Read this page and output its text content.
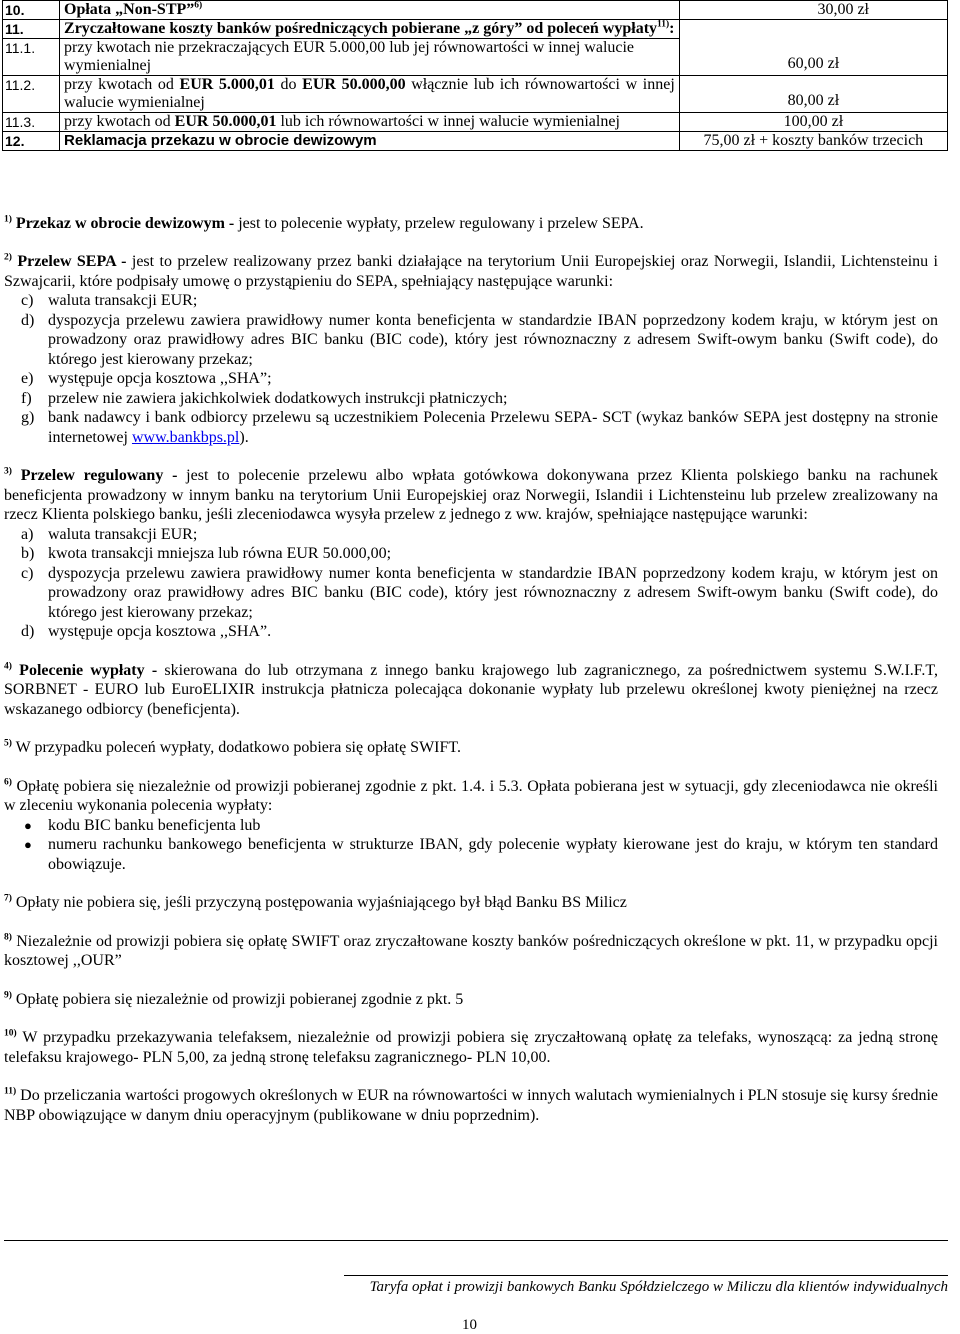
10.	Opłata „Non-STP”$^{6)}$	30,00 zł
11.	Zryczałtowane koszty banków pośredniczących pobierane „z góry” od poleceń wypłaty$^{11)}$:	
11.1.	przy kwotach nie przekraczających EUR 5.000,00 lub jej równowartości w innej walucie wymienialnej	60,00 zł
11.2.	przy kwotach od EUR 5.000,01 do EUR 50.000,00 włącznie lub ich równowartości w innej walucie wymienialnej	80,00 zł
11.3.	przy kwotach od EUR 50.000,01 lub ich równowartości w innej walucie wymienialnej	100,00 zł
12.	Reklamacja przekazu w obrocie dewizowym	75,00 zł + koszty banków trzecich

$^{1)}$ Przekaz w obrocie dewizowym - jest to polecenie wypłaty, przelew regulowany i przelew SEPA.

$^{2)}$ Przelew SEPA - jest to przelew realizowany przez banki działające na terytorium Unii Europejskiej oraz Norwegii, Islandii, Lichtensteinu i Szwajcarii, które podpisały umowę o przystąpieniu do SEPA, spełniający następujące warunki:
c) waluta transakcji EUR;
d) dyspozycja przelewu zawiera prawidłowy numer konta beneficjenta w standardzie IBAN poprzedzony kodem kraju, w którym jest on prowadzony oraz prawidłowy adres BIC banku (BIC code), który jest równoznaczny z adresem Swift-owym banku (Swift code), do którego jest kierowany przekaz;
e) występuje opcja kosztowa ,,SHA”;
f) przelew nie zawiera jakichkolwiek dodatkowych instrukcji płatniczych;
g) bank nadawcy i bank odbiorcy przelewu są uczestnikiem Polecenia Przelewu SEPA- SCT (wykaz banków SEPA jest dostępny na stronie internetowej www.bankbps.pl).
$^{3)}$ Przelew regulowany - jest to polecenie przelewu albo wpłata gotówkowa dokonywana przez Klienta polskiego banku na rachunek beneficjenta prowadzony w innym banku na terytorium Unii Europejskiej oraz Norwegii, Islandii i Lichtensteinu lub przelew zrealizowany na rzecz Klienta polskiego banku, jeśli zleceniodawca wysyła przelew z jednego z ww. krajów, spełniające następujące warunki:
a) waluta transakcji EUR;
b) kwota transakcji mniejsza lub równa EUR 50.000,00;
c) dyspozycja przelewu zawiera prawidłowy numer konta beneficjenta w standardzie IBAN poprzedzony kodem kraju, w którym jest on prowadzony oraz prawidłowy adres BIC banku (BIC code), który jest równoznaczny z adresem Swift-owym banku (Swift code), do którego jest kierowany przekaz;
d) występuje opcja kosztowa ,,SHA”.

$^{4)}$ Polecenie wypłaty - skierowana do lub otrzymana z innego banku krajowego lub zagranicznego, za pośrednictwem systemu S.W.I.F.T, SORBNET - EURO lub EuroELIXIR instrukcja płatnicza polecająca dokonanie wypłaty lub przelewu określonej kwoty pieniężnej na rzecz wskazanego odbiorcy (beneficjenta).

$^{5)}$ W przypadku poleceń wypłaty, dodatkowo pobiera się opłatę SWIFT.

$^{6)}$ Opłatę pobiera się niezależnie od prowizji pobieranej zgodnie z pkt. 1.4. i 5.3. Opłata pobierana jest w sytuacji, gdy zleceniodawca nie określi w zleceniu wykonania polecenia wypłaty:
● kodu BIC banku beneficjenta lub
● numeru rachunku bankowego beneficjenta w strukturze IBAN, gdy polecenie wypłaty kierowane jest do kraju, w którym ten standard obowiązuje.

$^{7)}$ Opłaty nie pobiera się, jeśli przyczyną postępowania wyjaśniającego był błąd Banku BS Milicz

$^{8)}$ Niezależnie od prowizji pobiera się opłatę SWIFT oraz zryczałtowane koszty banków pośredniczących określone w pkt. 11, w przypadku opcji kosztowej ,,OUR”

$^{9)}$ Opłatę pobiera się niezależnie od prowizji pobieranej zgodnie z pkt. 5

$^{10)}$ W przypadku przekazywania telefaksem, niezależnie od prowizji pobiera się zryczałtowaną opłatę za telefaks, wynoszącą: za jedną stronę telefaksu krajowego- PLN 5,00, za jedną stronę telefaksu zagranicznego- PLN 10,00.

$^{11)}$ Do przeliczania wartości progowych określonych w EUR na równowartości w innych walutach wymienialnych i PLN stosuje się kursy średnie NBP obowiązujące w danym dniu operacyjnym (publikowane w dniu poprzednim).

Taryfa opłat i prowizji bankowych Banku Spółdzielczego w Miliczu dla klientów indywidualnych
10
